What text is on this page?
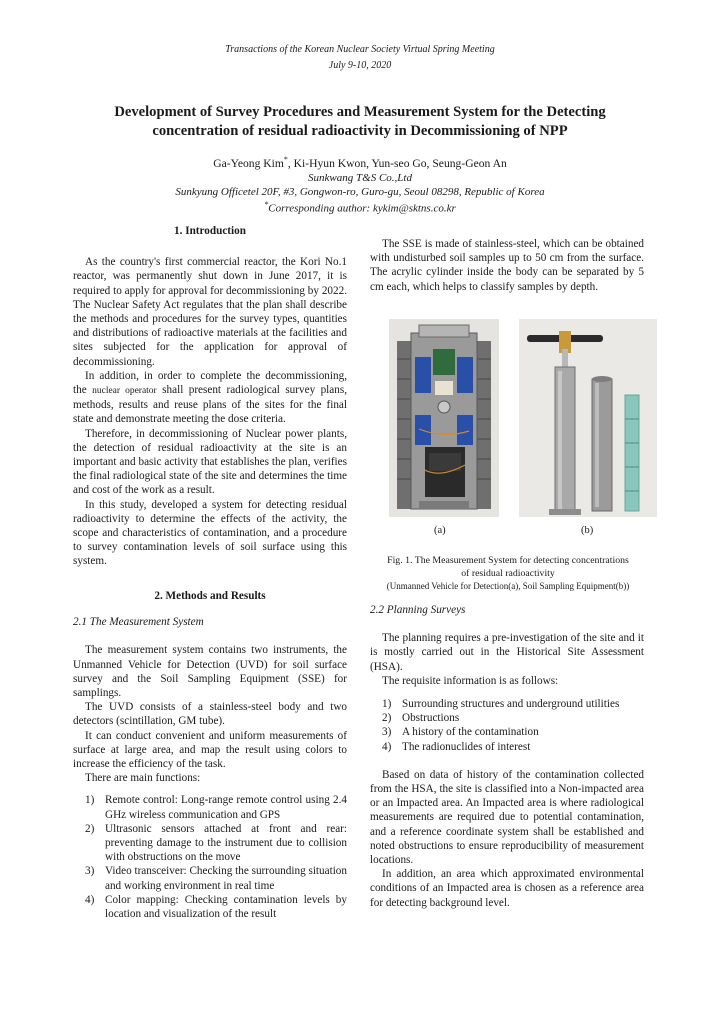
Transactions of the Korean Nuclear Society Virtual Spring Meeting
July 9-10, 2020
Development of Survey Procedures and Measurement System for the Detecting
concentration of residual radioactivity in Decommissioning of NPP
Ga-Yeong Kim*, Ki-Hyun Kwon, Yun-seo Go, Seung-Geon An
Sunkwang T&S Co.,Ltd
Sunkyung Officetel 20F, #3, Gongwon-ro, Guro-gu, Seoul 08298, Republic of Korea
*Corresponding author: kykim@sktns.co.kr
1. Introduction

As the country's first commercial reactor, the Kori No.1 reactor, was permanently shut down in June 2017, it is required to apply for approval for decommissioning by 2022. The Nuclear Safety Act regulates that the plan shall describe the methods and procedures for the survey types, quantities and distributions of radioactive materials at the facilities and sites subjected for the application for approval of decommissioning.

In addition, in order to complete the decommissioning, the nuclear operator shall present radiological survey plans, methods, results and reuse plans of the sites for the final state and demonstrate meeting the dose criteria.

Therefore, in decommissioning of Nuclear power plants, the detection of residual radioactivity at the site is an important and basic activity that establishes the plan, verifies the final radiological state of the site and determines the time and cost of the work as a result.

In this study, developed a system for detecting residual radioactivity to determine the effects of the activity, the scope and characteristics of contamination, and a procedure to survey contamination levels of soil surface using this system.

2. Methods and Results
2.1 The Measurement System

The measurement system contains two instruments, the Unmanned Vehicle for Detection (UVD) for soil surface survey and the Soil Sampling Equipment (SSE) for samplings.

The UVD consists of a stainless-steel body and two detectors (scintillation, GM tube).

It can conduct convenient and uniform measurements of surface at large area, and map the result using colors to increase the efficiency of the task.

There are main functions:

1) Remote control: Long-range remote control using 2.4 GHz wireless communication and GPS
2) Ultrasonic sensors attached at front and rear: preventing damage to the instrument due to collision with obstructions on the move
3) Video transceiver: Checking the surrounding situation and working environment in real time
4) Color mapping: Checking contamination levels by location and visualization of the result

The SSE is made of stainless-steel, which can be obtained with undisturbed soil samples up to 50 cm from the surface. The acrylic cylinder inside the body can be separated by 5 cm each, which helps to classify samples by depth.

(a)	(b)
Fig. 1. The Measurement System for detecting concentrations
of residual radioactivity
(Unmanned Vehicle for Detection(a), Soil Sampling Equipment(b))
2.2 Planning Surveys

The planning requires a pre-investigation of the site and it is mostly carried out in the Historical Site Assessment (HSA).

The requisite information is as follows:

1) Surrounding structures and underground utilities
2) Obstructions
3) A history of the contamination
4) The radionuclides of interest

Based on data of history of the contamination collected from the HSA, the site is classified into a Non-impacted area or an Impacted area. An Impacted area is where radiological measurements are required due to potential contamination, and a reference coordinate system shall be established and noted obstructions to ensure reproducibility of measurement locations.

In addition, an area which approximated environmental conditions of an Impacted area is chosen as a reference area for detecting background level.
